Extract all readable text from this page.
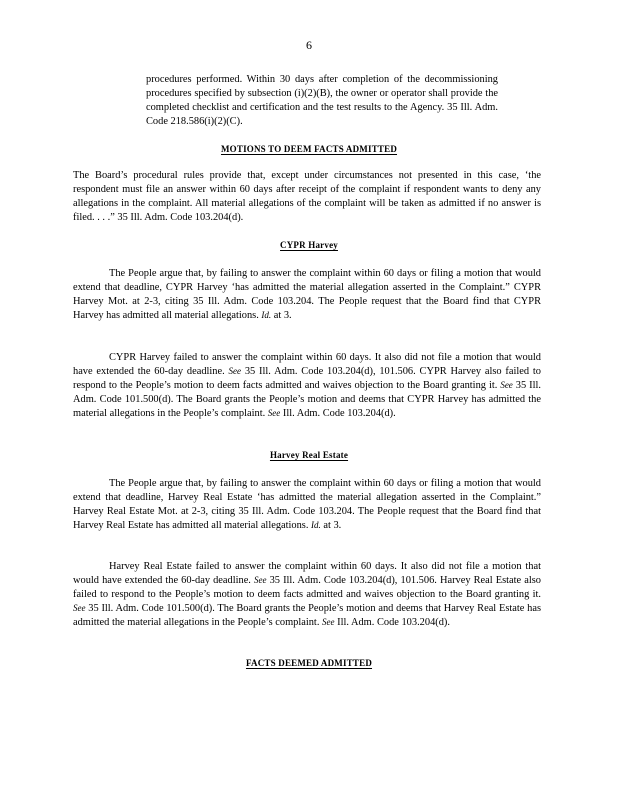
6

procedures performed. Within 30 days after completion of the decommissioning procedures specified by subsection (i)(2)(B), the owner or operator shall provide the completed checklist and certification and the test results to the Agency. 35 Ill. Adm. Code 218.586(i)(2)(C).

MOTIONS TO DEEM FACTS ADMITTED

The Board’s procedural rules provide that, except under circumstances not presented in this case, ‘the respondent must file an answer within 60 days after receipt of the complaint if respondent wants to deny any allegations in the complaint. All material allegations of the complaint will be taken as admitted if no answer is filed. . . .” 35 Ill. Adm. Code 103.204(d).

CYPR Harvey

The People argue that, by failing to answer the complaint within 60 days or filing a motion that would extend that deadline, CYPR Harvey ‘has admitted the material allegation asserted in the Complaint.” CYPR Harvey Mot. at 2-3, citing 35 Ill. Adm. Code 103.204. The People request that the Board find that CYPR Harvey has admitted all material allegations. Id. at 3.

CYPR Harvey failed to answer the complaint within 60 days. It also did not file a motion that would have extended the 60-day deadline. See 35 Ill. Adm. Code 103.204(d), 101.506. CYPR Harvey also failed to respond to the People’s motion to deem facts admitted and waives objection to the Board granting it. See 35 Ill. Adm. Code 101.500(d). The Board grants the People’s motion and deems that CYPR Harvey has admitted the material allegations in the People’s complaint. See Ill. Adm. Code 103.204(d).

Harvey Real Estate

The People argue that, by failing to answer the complaint within 60 days or filing a motion that would extend that deadline, Harvey Real Estate ‘has admitted the material allegation asserted in the Complaint.” Harvey Real Estate Mot. at 2-3, citing 35 Ill. Adm. Code 103.204. The People request that the Board find that Harvey Real Estate has admitted all material allegations. Id. at 3.

Harvey Real Estate failed to answer the complaint within 60 days. It also did not file a motion that would have extended the 60-day deadline. See 35 Ill. Adm. Code 103.204(d), 101.506. Harvey Real Estate also failed to respond to the People’s motion to deem facts admitted and waives objection to the Board granting it. See 35 Ill. Adm. Code 101.500(d). The Board grants the People’s motion and deems that Harvey Real Estate has admitted the material allegations in the People’s complaint. See Ill. Adm. Code 103.204(d).

FACTS DEEMED ADMITTED
